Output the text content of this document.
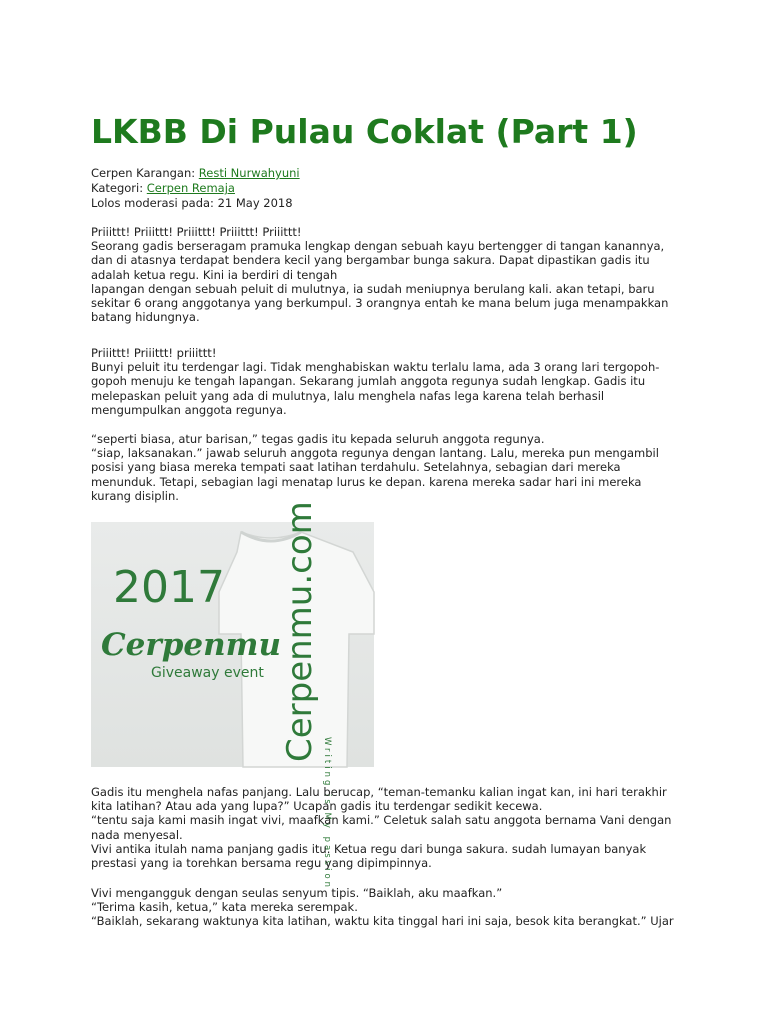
LKBB Di Pulau Coklat (Part 1)
Cerpen Karangan: Resti Nurwahyuni
Kategori: Cerpen Remaja
Lolos moderasi pada: 21 May 2018

Priiittt! Priiittt! Priiittt! Priiittt! Priiittt!
Seorang gadis berseragam pramuka lengkap dengan sebuah kayu bertengger di tangan kanannya,
dan di atasnya terdapat bendera kecil yang bergambar bunga sakura. Dapat dipastikan gadis itu
adalah ketua regu. Kini ia berdiri di tengah
lapangan dengan sebuah peluit di mulutnya, ia sudah meniupnya berulang kali. akan tetapi, baru
sekitar 6 orang anggotanya yang berkumpul. 3 orangnya entah ke mana belum juga menampakkan
batang hidungnya.

Priiittt! Priiittt! priiittt!
Bunyi peluit itu terdengar lagi. Tidak menghabiskan waktu terlalu lama, ada 3 orang lari tergopoh-
gopoh menuju ke tengah lapangan. Sekarang jumlah anggota regunya sudah lengkap. Gadis itu
melepaskan peluit yang ada di mulutnya, lalu menghela nafas lega karena telah berhasil
mengumpulkan anggota regunya.

“seperti biasa, atur barisan,” tegas gadis itu kepada seluruh anggota regunya.
“siap, laksanakan.” jawab seluruh anggota regunya dengan lantang. Lalu, mereka pun mengambil
posisi yang biasa mereka tempati saat latihan terdahulu. Setelahnya, sebagian dari mereka
menunduk. Tetapi, sebagian lagi menatap lurus ke depan. karena mereka sadar hari ini mereka
kurang disiplin.

Cerpenmu.com
Writing is My passion
2017
Cerpenmu
Giveaway event

Gadis itu menghela nafas panjang. Lalu berucap, “teman-temanku kalian ingat kan, ini hari terakhir
kita latihan? Atau ada yang lupa?” Ucapan gadis itu terdengar sedikit kecewa.
“tentu saja kami masih ingat vivi, maafkan kami.” Celetuk salah satu anggota bernama Vani dengan
nada menyesal.
Vivi antika itulah nama panjang gadis itu. Ketua regu dari bunga sakura. sudah lumayan banyak
prestasi yang ia torehkan bersama regu yang dipimpinnya.

Vivi mengangguk dengan seulas senyum tipis. “Baiklah, aku maafkan.”
“Terima kasih, ketua,” kata mereka serempak.
“Baiklah, sekarang waktunya kita latihan, waktu kita tinggal hari ini saja, besok kita berangkat.” Ujar
